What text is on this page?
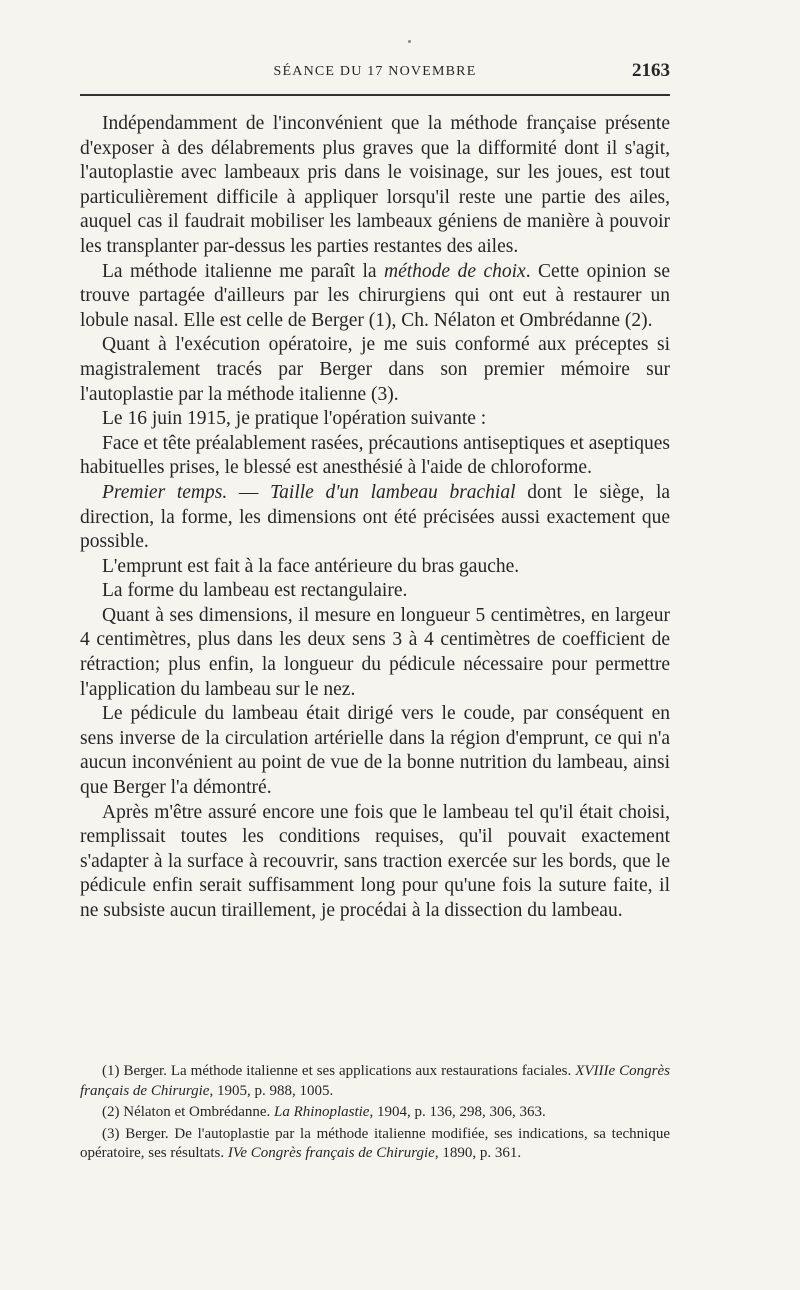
SÉANCE DU 17 NOVEMBRE	2163

Indépendamment de l'inconvénient que la méthode française présente d'exposer à des délabrements plus graves que la difformité dont il s'agit, l'autoplastie avec lambeaux pris dans le voisinage, sur les joues, est tout particulièrement difficile à appliquer lorsqu'il reste une partie des ailes, auquel cas il faudrait mobiliser les lambeaux géniens de manière à pouvoir les transplanter par-dessus les parties restantes des ailes.

La méthode italienne me paraît la méthode de choix. Cette opinion se trouve partagée d'ailleurs par les chirurgiens qui ont eut à restaurer un lobule nasal. Elle est celle de Berger (1), Ch. Nélaton et Ombrédanne (2).

Quant à l'exécution opératoire, je me suis conformé aux préceptes si magistralement tracés par Berger dans son premier mémoire sur l'autoplastie par la méthode italienne (3).

Le 16 juin 1915, je pratique l'opération suivante :

Face et tête préalablement rasées, précautions antiseptiques et aseptiques habituelles prises, le blessé est anesthésié à l'aide de chloroforme.

Premier temps. — Taille d'un lambeau brachial dont le siège, la direction, la forme, les dimensions ont été précisées aussi exactement que possible.

L'emprunt est fait à la face antérieure du bras gauche.

La forme du lambeau est rectangulaire.

Quant à ses dimensions, il mesure en longueur 5 centimètres, en largeur 4 centimètres, plus dans les deux sens 3 à 4 centimètres de coefficient de rétraction; plus enfin, la longueur du pédicule nécessaire pour permettre l'application du lambeau sur le nez.

Le pédicule du lambeau était dirigé vers le coude, par conséquent en sens inverse de la circulation artérielle dans la région d'emprunt, ce qui n'a aucun inconvénient au point de vue de la bonne nutrition du lambeau, ainsi que Berger l'a démontré.

Après m'être assuré encore une fois que le lambeau tel qu'il était choisi, remplissait toutes les conditions requises, qu'il pouvait exactement s'adapter à la surface à recouvrir, sans traction exercée sur les bords, que le pédicule enfin serait suffisamment long pour qu'une fois la suture faite, il ne subsiste aucun tiraillement, je procédai à la dissection du lambeau.

(1) Berger. La méthode italienne et ses applications aux restaurations faciales. XVIIIe Congrès français de Chirurgie, 1905, p. 988, 1005.

(2) Nélaton et Ombrédanne. La Rhinoplastie, 1904, p. 136, 298, 306, 363.

(3) Berger. De l'autoplastie par la méthode italienne modifiée, ses indications, sa technique opératoire, ses résultats. IVe Congrès français de Chirurgie, 1890, p. 361.
